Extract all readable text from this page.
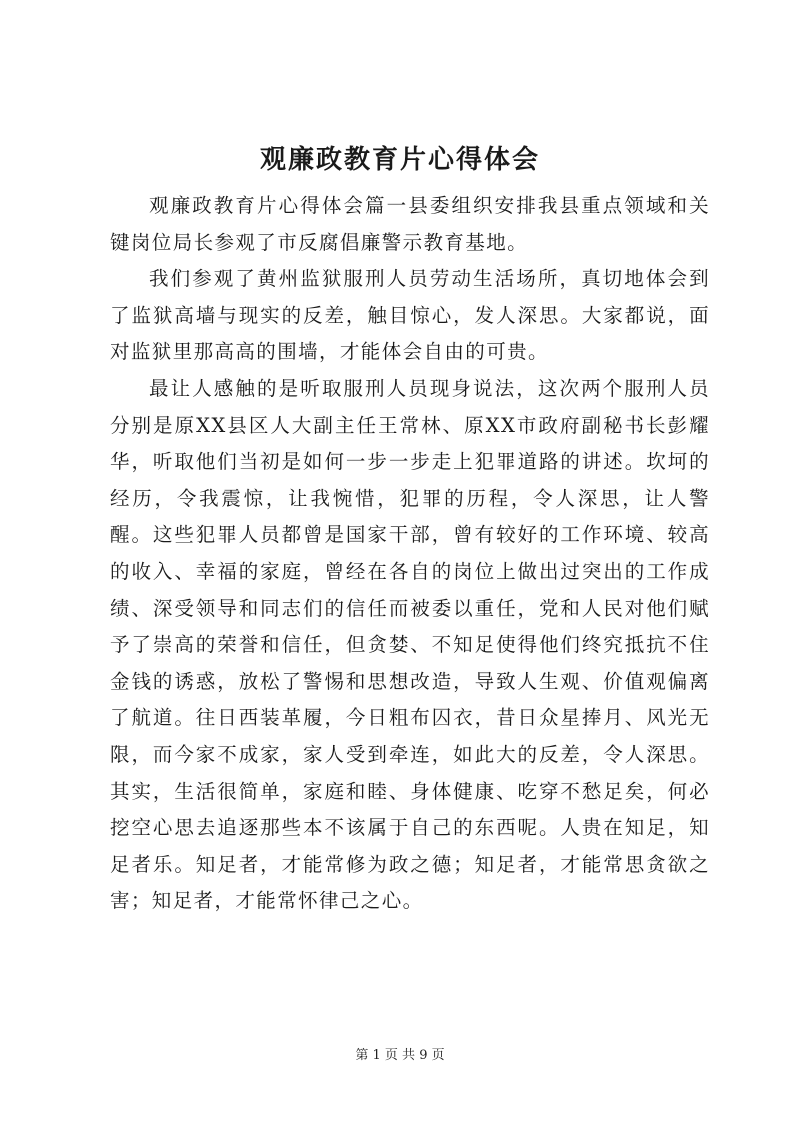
观廉政教育片心得体会

观廉政教育片心得体会篇一县委组织安排我县重点领域和关键岗位局长参观了市反腐倡廉警示教育基地。

我们参观了黄州监狱服刑人员劳动生活场所，真切地体会到了监狱高墙与现实的反差，触目惊心，发人深思。大家都说，面对监狱里那高高的围墙，才能体会自由的可贵。

最让人感触的是听取服刑人员现身说法，这次两个服刑人员分别是原XX县区人大副主任王常林、原XX市政府副秘书长彭耀华，听取他们当初是如何一步一步走上犯罪道路的讲述。坎坷的经历，令我震惊，让我惋惜，犯罪的历程，令人深思，让人警醒。这些犯罪人员都曾是国家干部，曾有较好的工作环境、较高的收入、幸福的家庭，曾经在各自的岗位上做出过突出的工作成绩、深受领导和同志们的信任而被委以重任，党和人民对他们赋予了崇高的荣誉和信任，但贪婪、不知足使得他们终究抵抗不住金钱的诱惑，放松了警惕和思想改造，导致人生观、价值观偏离了航道。往日西装革履，今日粗布囚衣，昔日众星捧月、风光无限，而今家不成家，家人受到牵连，如此大的反差，令人深思。其实，生活很简单，家庭和睦、身体健康、吃穿不愁足矣，何必挖空心思去追逐那些本不该属于自己的东西呢。人贵在知足，知足者乐。知足者，才能常修为政之德；知足者，才能常思贪欲之害；知足者，才能常怀律己之心。

第 1 页 共 9 页
